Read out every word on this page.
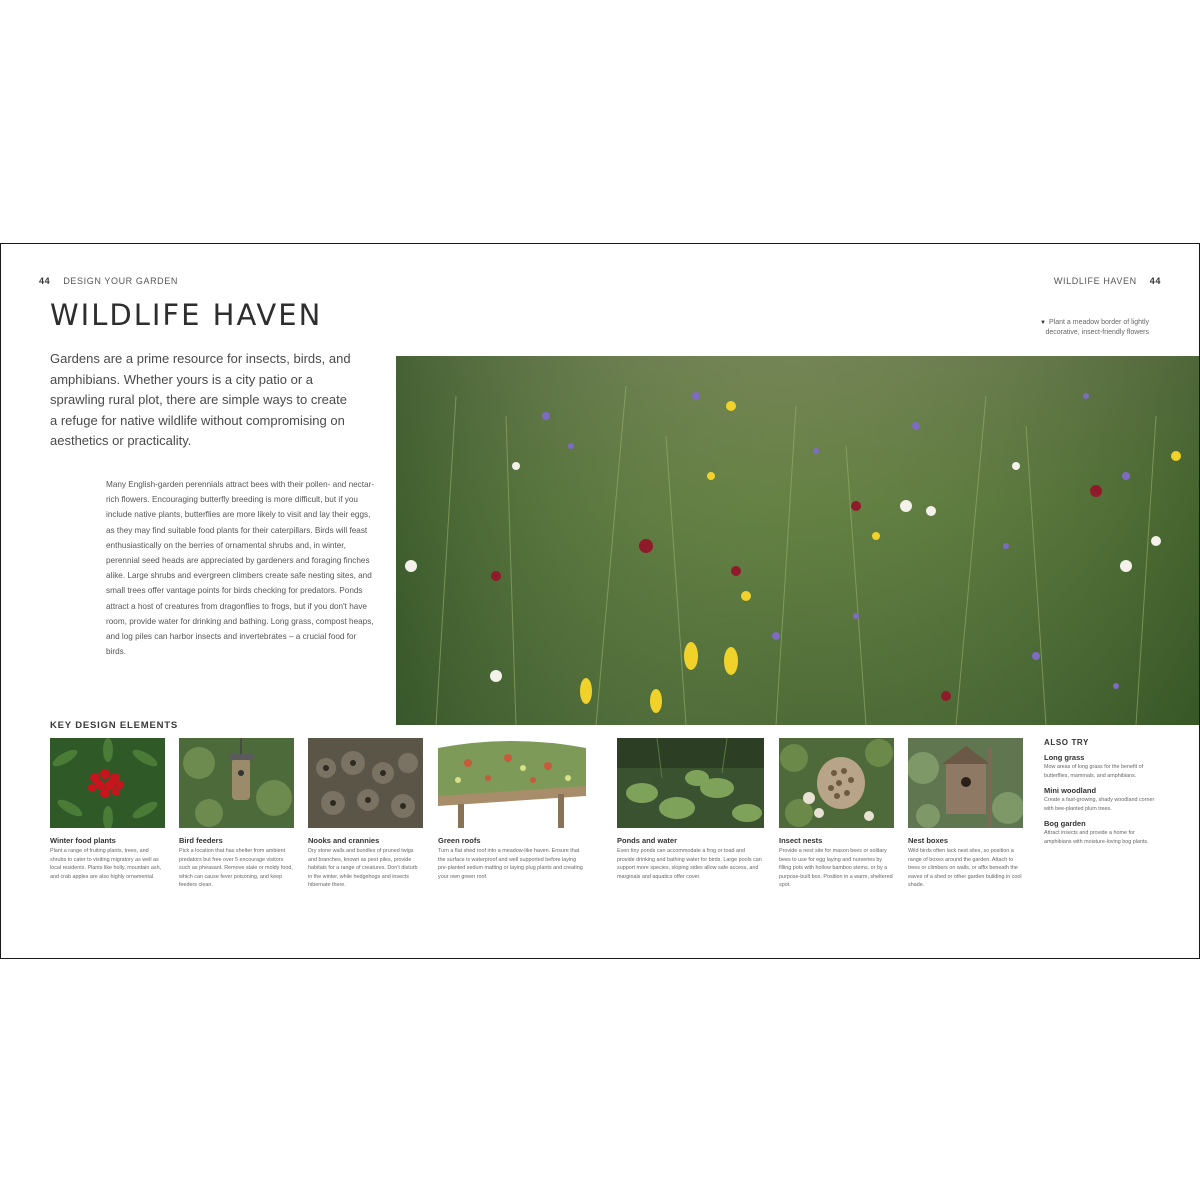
44 DESIGN YOUR GARDEN	WILDLIFE HAVEN 44
WILDLIFE HAVEN

Gardens are a prime resource for insects, birds, and amphibians. Whether yours is a city patio or a sprawling rural plot, there are simple ways to create a refuge for native wildlife without compromising on aesthetics or practicality.

Many English-garden perennials attract bees with their pollen- and nectar-rich flowers. Encouraging butterfly breeding is more difficult, but if you include native plants, butterflies are more likely to visit and lay their eggs, as they may find suitable food plants for their caterpillars. Birds will feast enthusiastically on the berries of ornamental shrubs and, in winter, perennial seed heads are appreciated by gardeners and foraging finches alike. Large shrubs and evergreen climbers create safe nesting sites, and small trees offer vantage points for birds checking for predators. Ponds attract a host of creatures from dragonflies to frogs, but if you don't have room, provide water for drinking and bathing. Long grass, compost heaps, and log piles can harbor insects and invertebrates – a crucial food for birds.

▼ Plant a meadow border of lightly decorative, insect-friendly flowers
KEY DESIGN ELEMENTS

Winter food plants

Plant a range of fruiting plants, trees, and shrubs to cater to visiting migratory as well as local residents. Plants like holly, mountain ash, and crab apples are also highly ornamental.

Bird feeders

Pick a location that has shelter from ambient predators but free over 5 encourage visitors such as pheasant. Remove stale or moldy food, which can cause fever poisoning, and keep feeders clean.

Nooks and crannies

Dry stone walls and bundles of pruned twigs and branches, known as pest piles, provide habitats for a range of creatures. Don't disturb in the winter, while hedgehogs and insects hibernate there.

Green roofs

Turn a flat shed roof into a meadow-like haven. Ensure that the surface is waterproof and well supported before laying pre-planted sedum matting or laying plug plants and creating your own green roof.

Ponds and water

Even tiny ponds can accommodate a frog or toad and provide drinking and bathing water for birds. Large pools can support more species, sloping sides allow safe access, and marginals and aquatics offer cover.

Insect nests

Provide a nest site for mason bees or solitary bees to use for egg laying and nurseries by filling pots with hollow bamboo stems, or by a purpose-built box. Position in a warm, sheltered spot.

Nest boxes

Wild birds often lack nest sites, so position a range of boxes around the garden. Attach to trees or climbers on walls, or affix beneath the eaves of a shed or other garden building in cool shade.

ALSO TRY

Long grass

Mow areas of long grass for the benefit of butterflies, mammals, and amphibians.

Mini woodland

Create a fast-growing, shady woodland corner with bee-planted plum trees.

Bog garden

Attract insects and provide a home for amphibians with moisture-loving bog plants.
